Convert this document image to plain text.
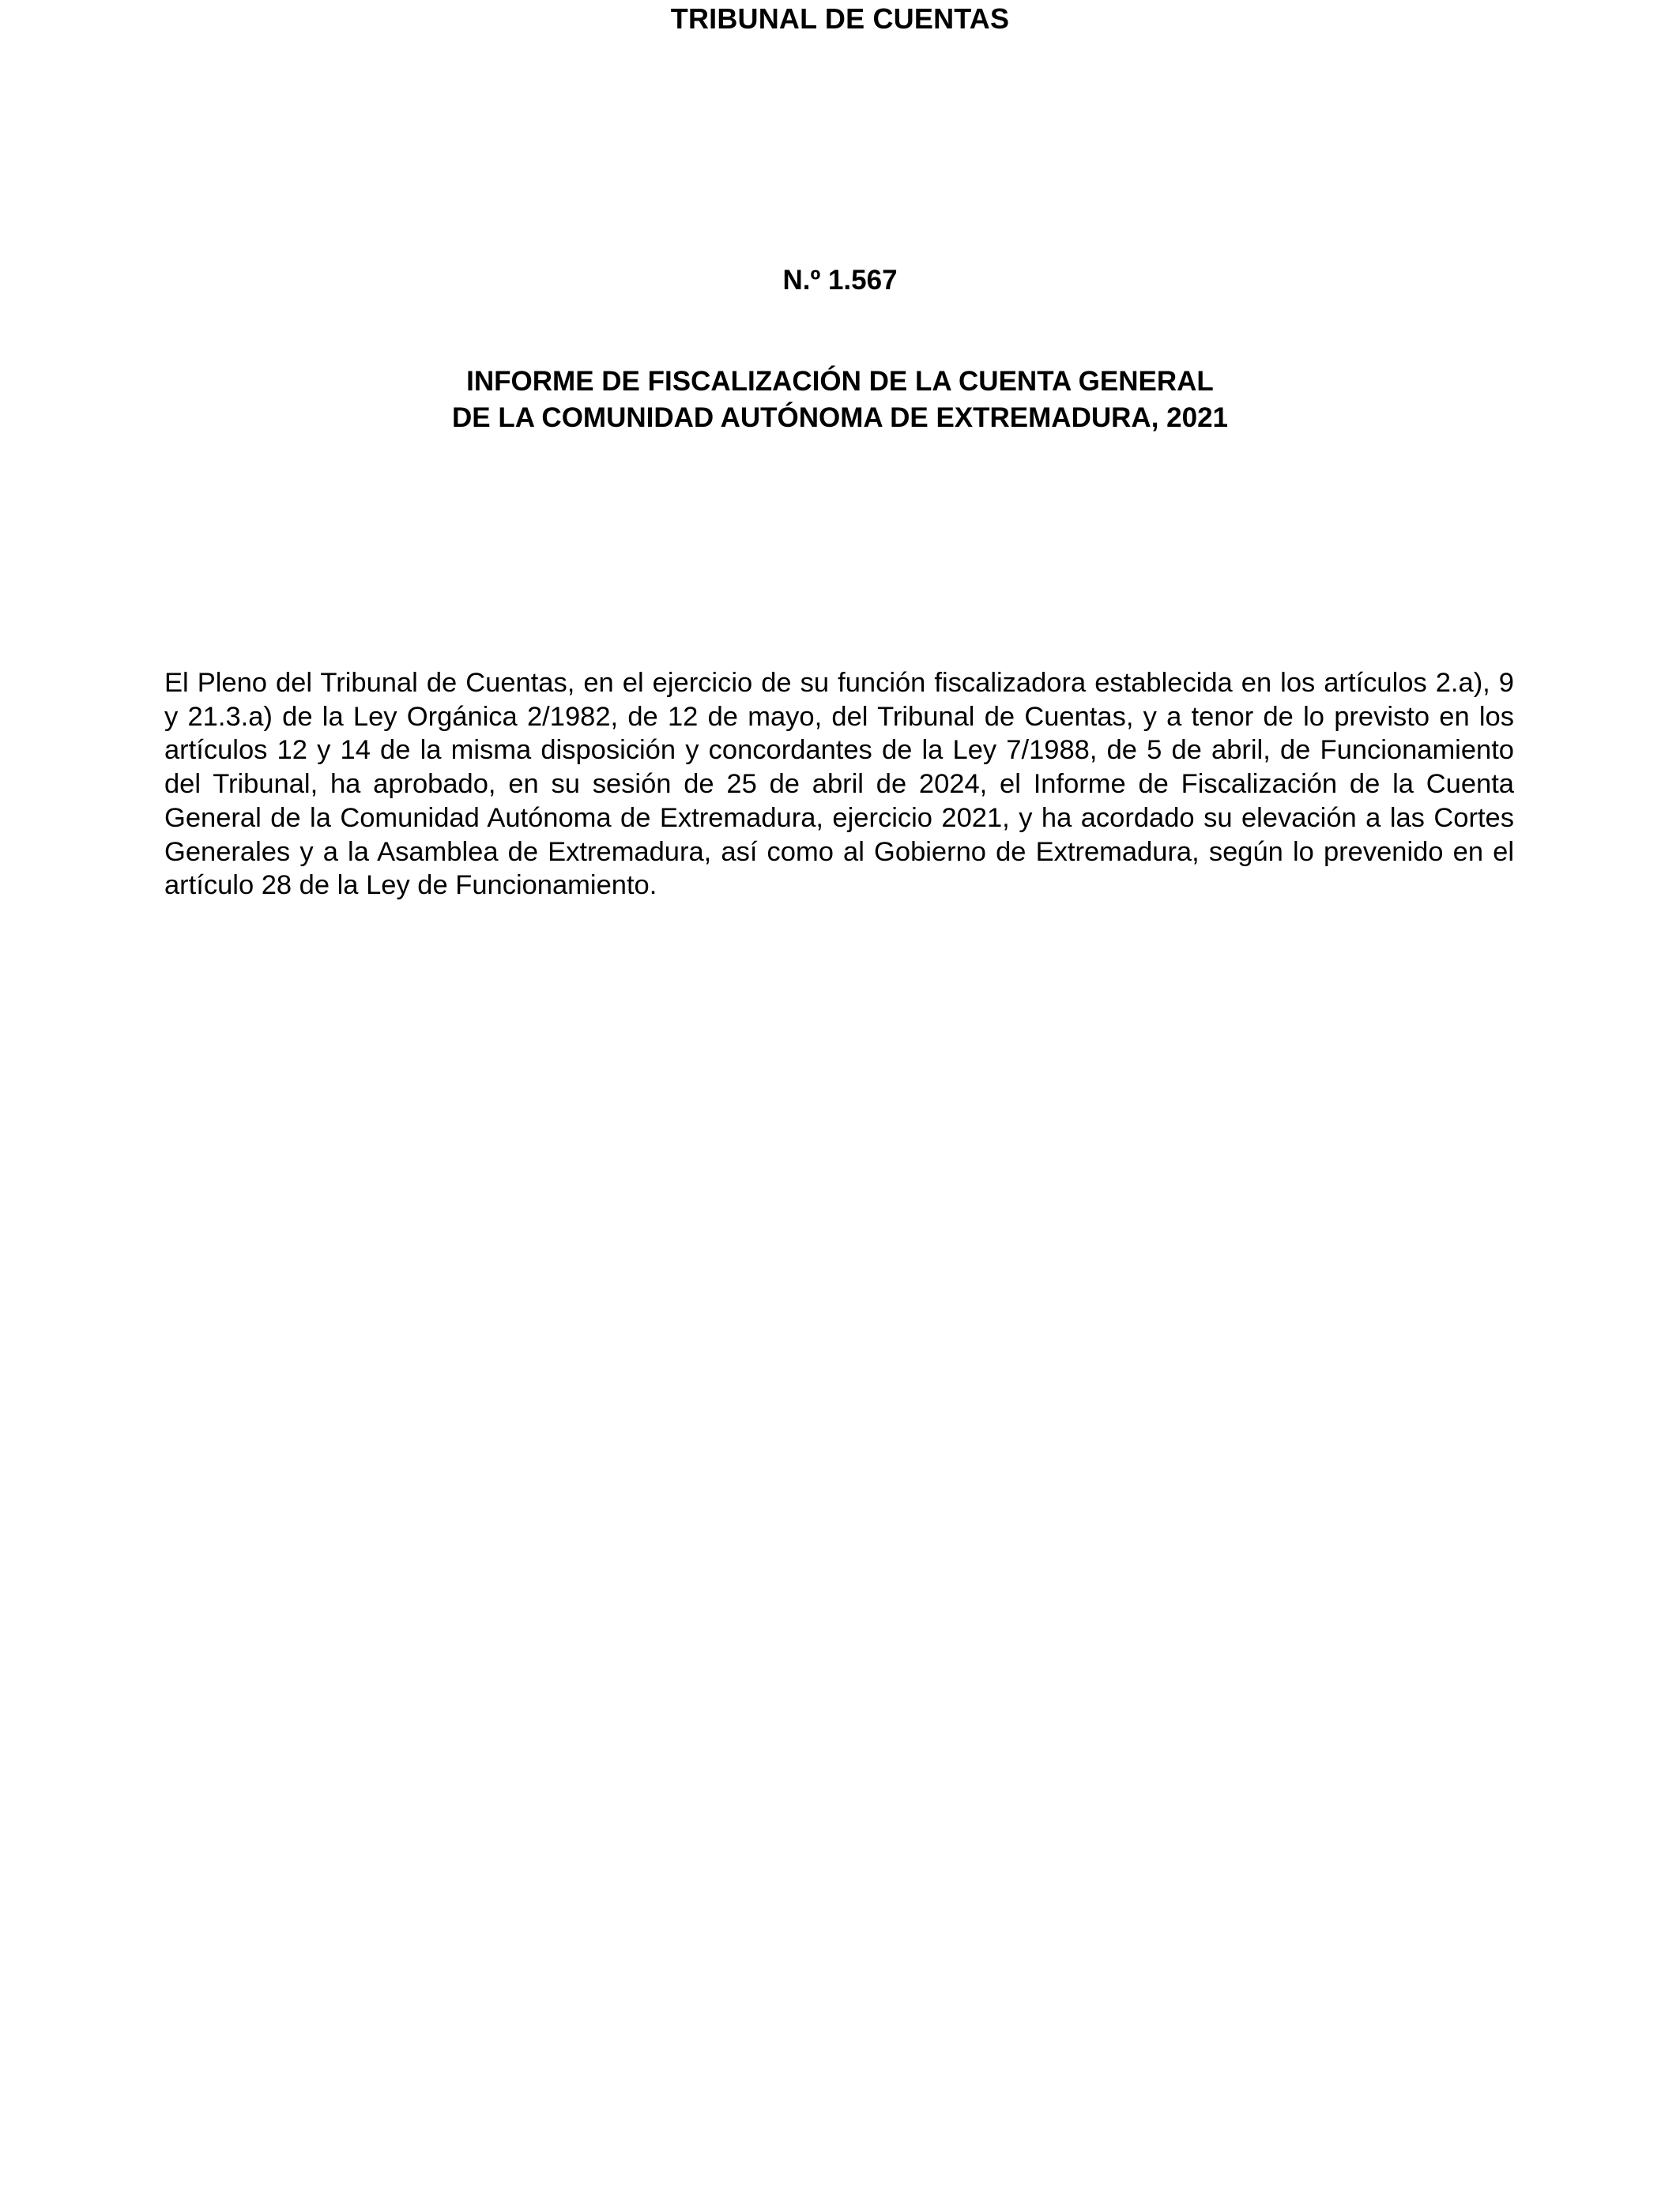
TRIBUNAL DE CUENTAS
N.º 1.567
INFORME DE FISCALIZACIÓN DE LA CUENTA GENERAL
DE LA COMUNIDAD AUTÓNOMA DE EXTREMADURA, 2021
El Pleno del Tribunal de Cuentas, en el ejercicio de su función fiscalizadora establecida en los artículos 2.a), 9 y 21.3.a) de la Ley Orgánica 2/1982, de 12 de mayo, del Tribunal de Cuentas, y a tenor de lo previsto en los artículos 12 y 14 de la misma disposición y concordantes de la Ley 7/1988, de 5 de abril, de Funcionamiento del Tribunal, ha aprobado, en su sesión de 25 de abril de 2024, el Informe de Fiscalización de la Cuenta General de la Comunidad Autónoma de Extremadura, ejercicio 2021, y ha acordado su elevación a las Cortes Generales y a la Asamblea de Extremadura, así como al Gobierno de Extremadura, según lo prevenido en el artículo 28 de la Ley de Funcionamiento.
